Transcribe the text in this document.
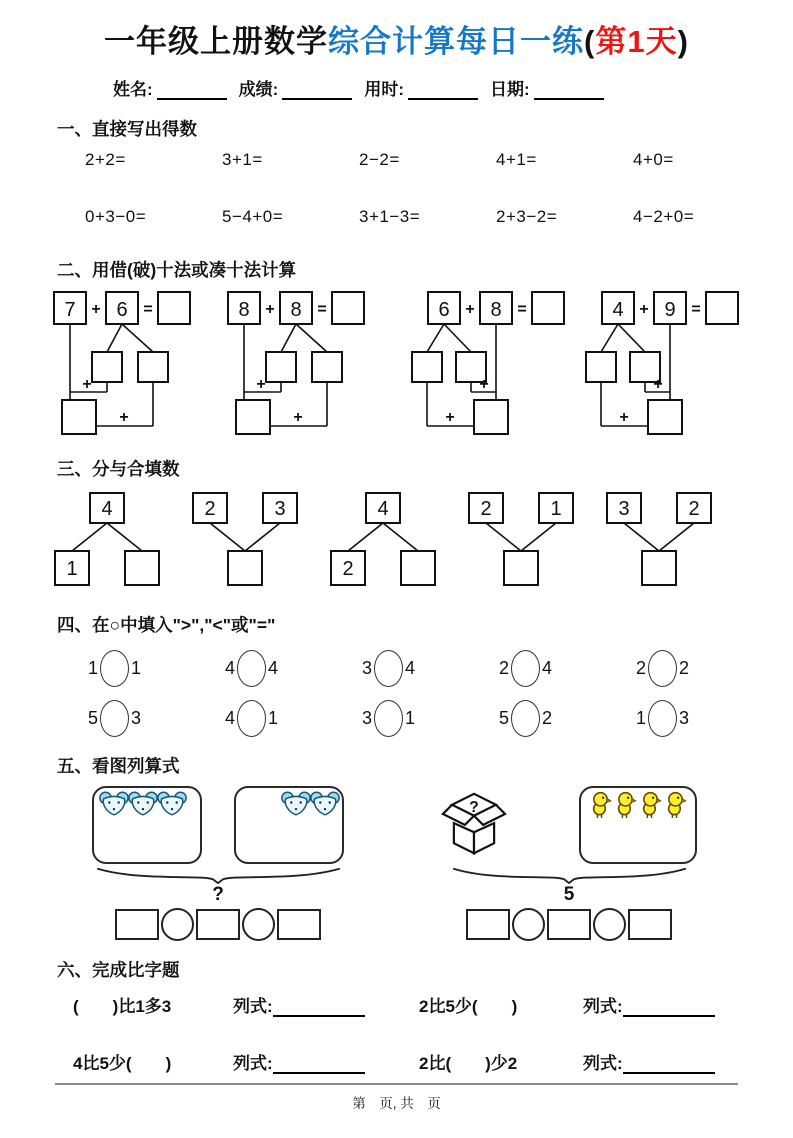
一年级上册数学综合计算每日一练(第1天)
姓名:	成绩:	用时:	日期:
一、直接写出得数
2+2=	3+1=	2−2=	4+1=	4+0=
0+3−0=	5−4+0=	3+1−3=	2+3−2=	4−2+0=
二、用借(破)十法或凑十法计算
7 + 6 =
+
+
8 + 8 =
+
+
6 + 8 =
+
+
4 + 9 =
+
+
三、分与合填数
4
1
2	3	4
2
2	1	3	2
四、在○中填入">","<"或"="
1 1	4 4	3 4	2 4	2 2
5 3	4 1	3 1	5 2	1 3
五、看图列算式
?
?
5
六、完成比字题
(　　)比1多3	列式:	2比5少(　　)	列式:
4比5少(　　)	列式:	2比(　　)少2	列式:
第　页, 共　页
